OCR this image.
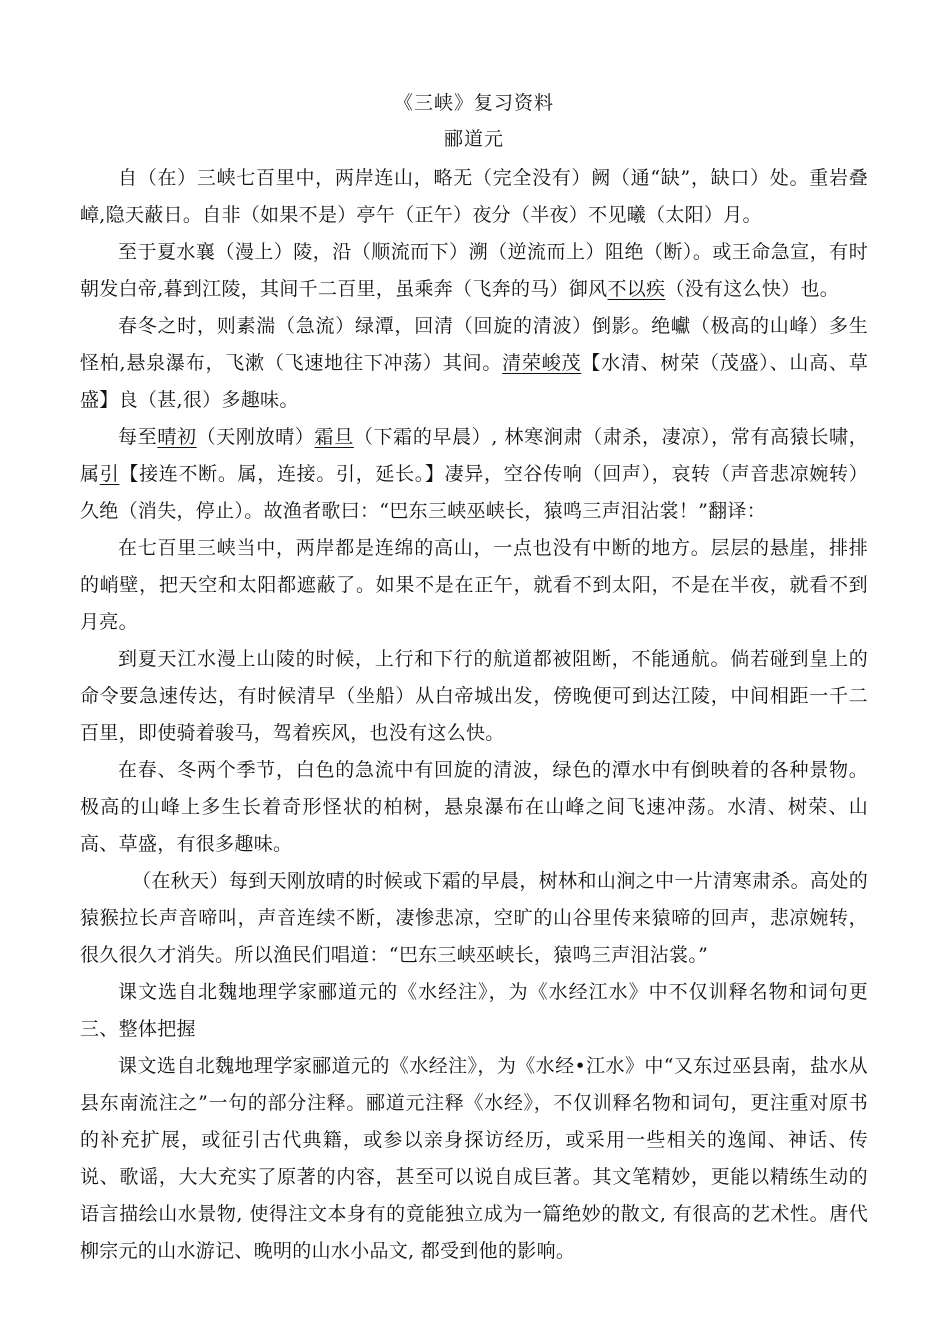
《三峡》复习资料
郦道元

自（在）三峡七百里中，两岸连山，略无（完全没有）阙（通“缺”，缺口）处。重岩叠嶂,隐天蔽日。自非（如果不是）亭午（正午）夜分（半夜）不见曦（太阳）月。

至于夏水襄（漫上）陵，沿（顺流而下）溯（逆流而上）阻绝（断）。或王命急宣，有时朝发白帝,暮到江陵，其间千二百里，虽乘奔（飞奔的马）御风不以疾（没有这么快）也。

春冬之时，则素湍（急流）绿潭，回清（回旋的清波）倒影。绝巘（极高的山峰）多生怪柏,悬泉瀑布，飞漱（飞速地往下冲荡）其间。清荣峻茂【水清、树荣（茂盛）、山高、草盛】良（甚,很）多趣味。

每至晴初（天刚放晴）霜旦（下霜的早晨）, 林寒涧肃（肃杀，凄凉），常有高猿长啸，属引【接连不断。属，连接。引，延长。】凄异，空谷传响（回声），哀转（声音悲凉婉转）久绝（消失，停止）。故渔者歌曰：“巴东三峡巫峡长，猿鸣三声泪沾裳！”翻译：

在七百里三峡当中，两岸都是连绵的高山，一点也没有中断的地方。层层的悬崖，排排的峭壁，把天空和太阳都遮蔽了。如果不是在正午，就看不到太阳，不是在半夜，就看不到月亮。

到夏天江水漫上山陵的时候，上行和下行的航道都被阻断，不能通航。倘若碰到皇上的命令要急速传达，有时候清早（坐船）从白帝城出发，傍晚便可到达江陵，中间相距一千二百里，即使骑着骏马，驾着疾风，也没有这么快。

在春、冬两个季节，白色的急流中有回旋的清波，绿色的潭水中有倒映着的各种景物。极高的山峰上多生长着奇形怪状的柏树，悬泉瀑布在山峰之间飞速冲荡。水清、树荣、山高、草盛，有很多趣味。

（在秋天）每到天刚放晴的时候或下霜的早晨，树林和山涧之中一片清寒肃杀。高处的猿猴拉长声音啼叫，声音连续不断，凄惨悲凉，空旷的山谷里传来猿啼的回声，悲凉婉转，很久很久才消失。所以渔民们唱道：“巴东三峡巫峡长，猿鸣三声泪沾裳。”

课文选自北魏地理学家郦道元的《水经注》，为《水经江水》中不仅训释名物和词句更三、整体把握

课文选自北魏地理学家郦道元的《水经注》，为《水经•江水》中“又东过巫县南，盐水从县东南流注之”一句的部分注释。郦道元注释《水经》，不仅训释名物和词句，更注重对原书的补充扩展，或征引古代典籍，或参以亲身探访经历，或采用一些相关的逸闻、神话、传说、歌谣，大大充实了原著的内容，甚至可以说自成巨著。其文笔精妙，更能以精练生动的语言描绘山水景物, 使得注文本身有的竟能独立成为一篇绝妙的散文, 有很高的艺术性。唐代柳宗元的山水游记、晚明的山水小品文, 都受到他的影响。
